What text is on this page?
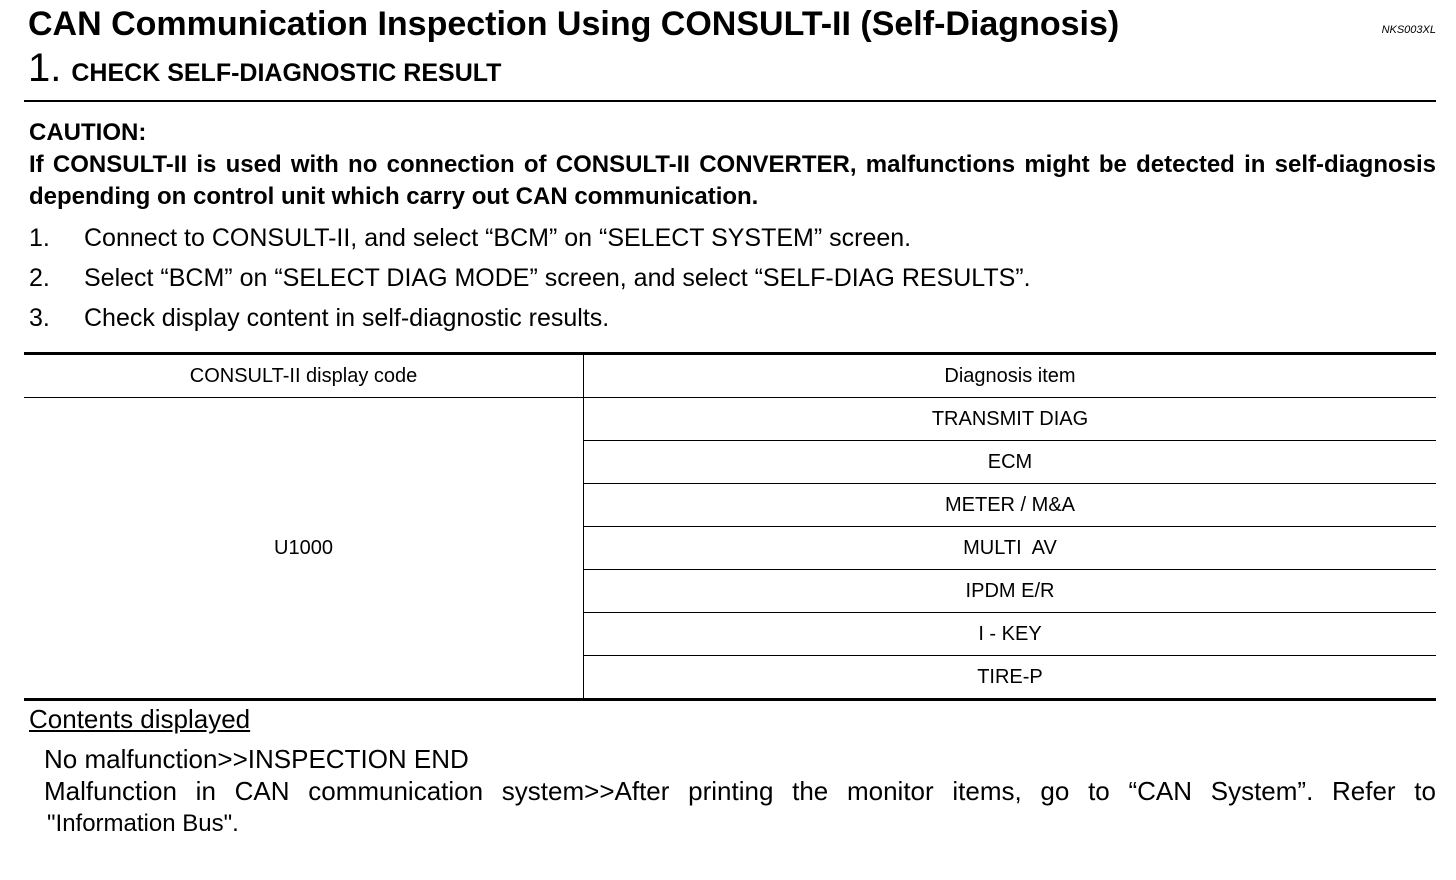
CAN Communication Inspection Using CONSULT-II (Self-Diagnosis)	NKS003XL
1. CHECK SELF-DIAGNOSTIC RESULT
CAUTION:
If CONSULT-II is used with no connection of CONSULT-II CONVERTER, malfunctions might be detected in self-diagnosis depending on control unit which carry out CAN communication.
1. Connect to CONSULT-II, and select “BCM” on “SELECT SYSTEM” screen.
2. Select “BCM” on “SELECT DIAG MODE” screen, and select “SELF-DIAG RESULTS”.
3. Check display content in self-diagnostic results.
CONSULT-II display code	Diagnosis item
U1000	TRANSMIT DIAG
	ECM
	METER / M&A
	MULTI  AV
	IPDM E/R
	I - KEY
	TIRE-P
Contents displayed
No malfunction>>INSPECTION END
Malfunction in CAN communication system>>After printing the monitor items, go to “CAN System”. Refer to
"Information Bus".
